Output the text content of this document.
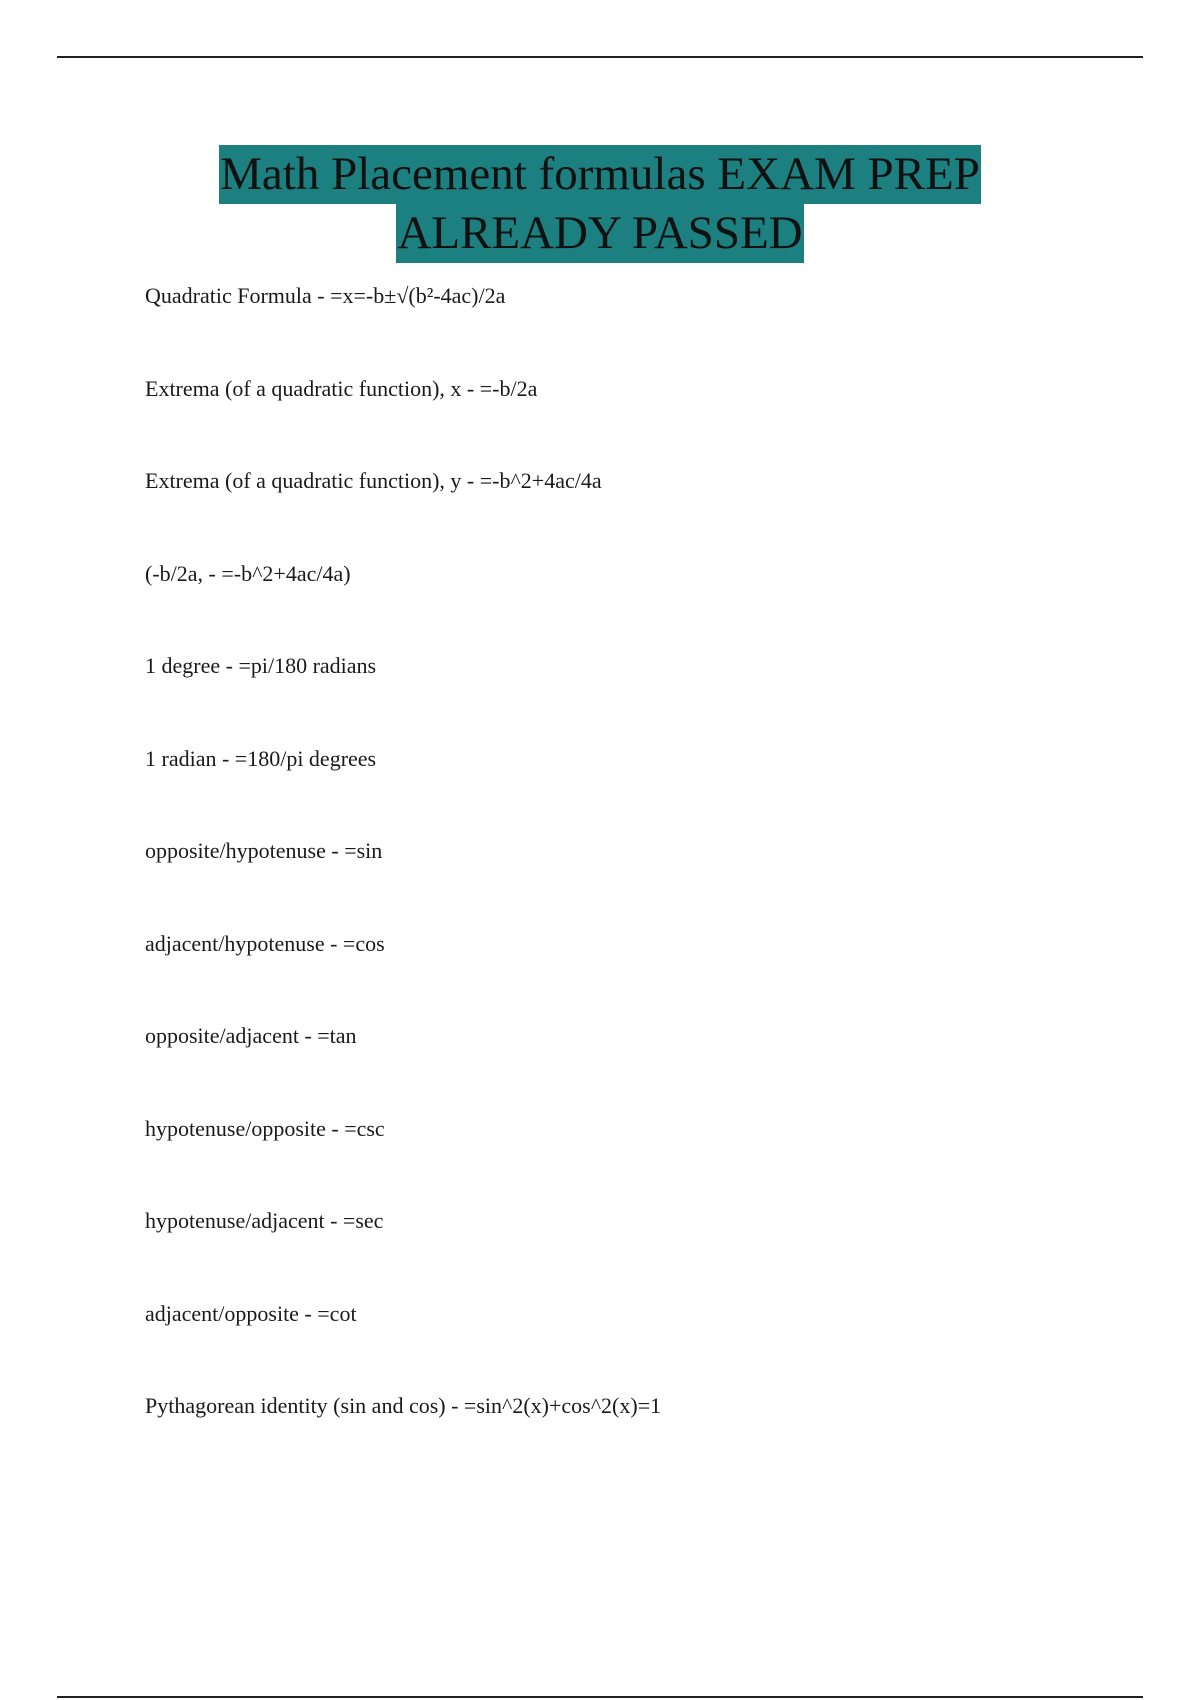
Math Placement formulas EXAM PREP
ALREADY PASSED
Quadratic Formula - =x=-b±√(b²-4ac)/2a
Extrema (of a quadratic function), x - =-b/2a
Extrema (of a quadratic function), y - =-b^2+4ac/4a
(-b/2a, - =-b^2+4ac/4a)
1 degree - =pi/180 radians
1 radian - =180/pi degrees
opposite/hypotenuse - =sin
adjacent/hypotenuse - =cos
opposite/adjacent - =tan
hypotenuse/opposite - =csc
hypotenuse/adjacent - =sec
adjacent/opposite - =cot
Pythagorean identity (sin and cos) - =sin^2(x)+cos^2(x)=1
